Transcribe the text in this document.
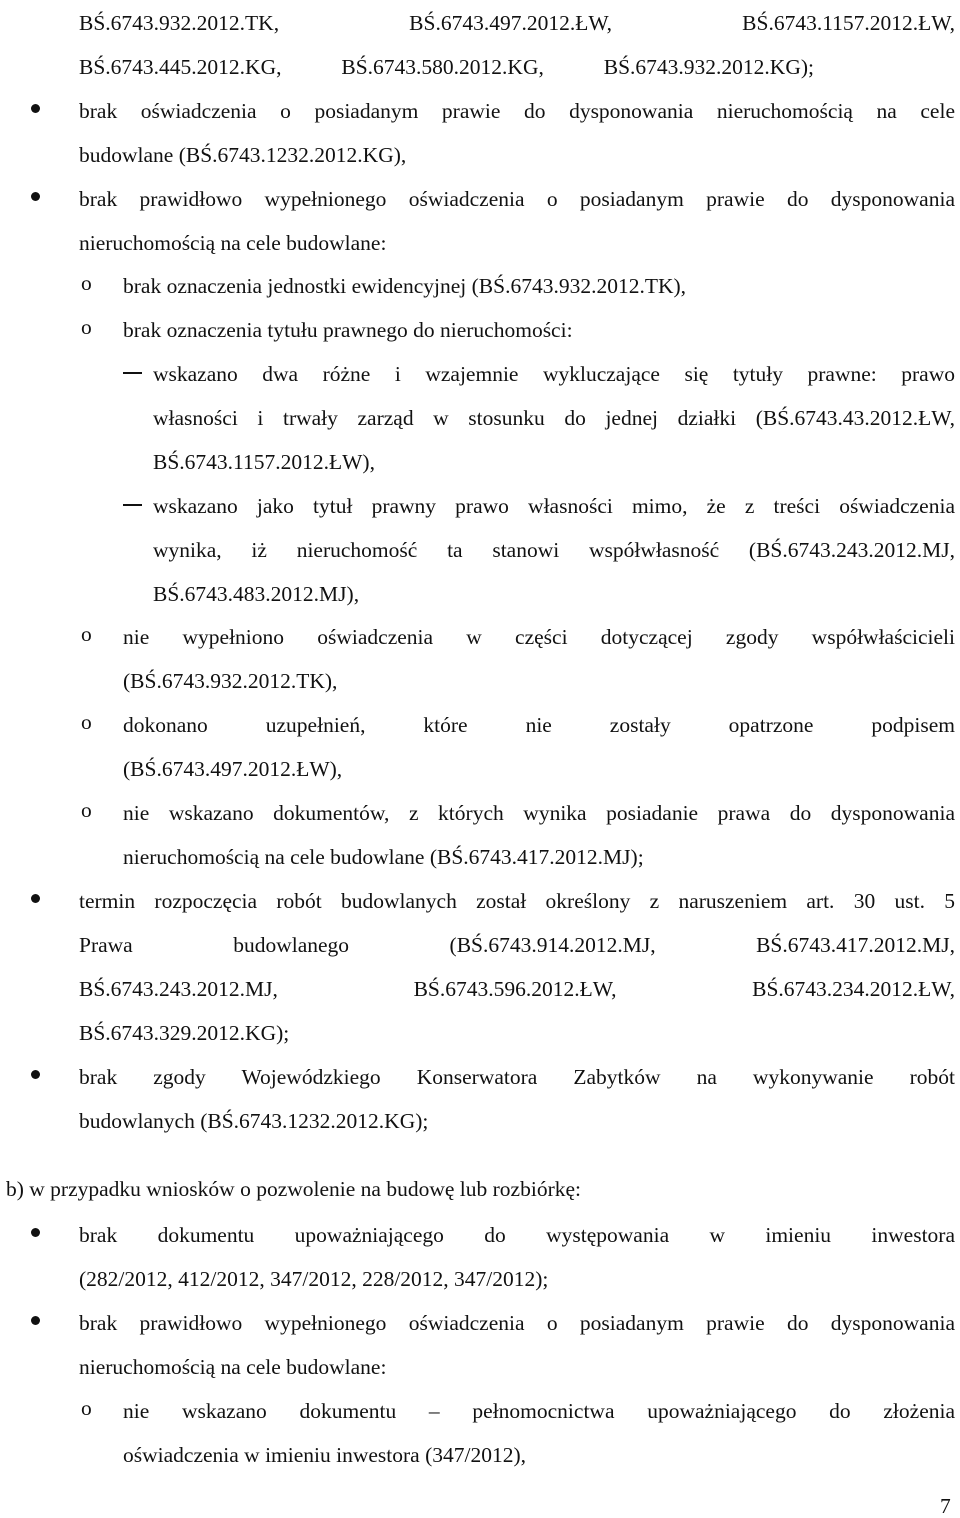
BŚ.6743.932.2012.TK, BŚ.6743.497.2012.ŁW, BŚ.6743.1157.2012.ŁW,
BŚ.6743.445.2012.KG, BŚ.6743.580.2012.KG, BŚ.6743.932.2012.KG);
brak oświadczenia o posiadanym prawie do dysponowania nieruchomością na cele
budowlane (BŚ.6743.1232.2012.KG),
brak prawidłowo wypełnionego oświadczenia o posiadanym prawie do dysponowania
nieruchomością na cele budowlane:
o brak oznaczenia jednostki ewidencyjnej (BŚ.6743.932.2012.TK),
o brak oznaczenia tytułu prawnego do nieruchomości:
wskazano dwa różne i wzajemnie wykluczające się tytuły prawne: prawo
własności i trwały zarząd w stosunku do jednej działki (BŚ.6743.43.2012.ŁW,
BŚ.6743.1157.2012.ŁW),
wskazano jako tytuł prawny prawo własności mimo, że z treści oświadczenia
wynika, iż nieruchomość ta stanowi współwłasność (BŚ.6743.243.2012.MJ,
BŚ.6743.483.2012.MJ),
o nie wypełniono oświadczenia w części dotyczącej zgody współwłaścicieli
(BŚ.6743.932.2012.TK),
o dokonano uzupełnień, które nie zostały opatrzone podpisem
(BŚ.6743.497.2012.ŁW),
o nie wskazano dokumentów, z których wynika posiadanie prawa do dysponowania
nieruchomością na cele budowlane (BŚ.6743.417.2012.MJ);
termin rozpoczęcia robót budowlanych został określony z naruszeniem art. 30 ust. 5
Prawa budowlanego (BŚ.6743.914.2012.MJ, BŚ.6743.417.2012.MJ,
BŚ.6743.243.2012.MJ, BŚ.6743.596.2012.ŁW, BŚ.6743.234.2012.ŁW,
BŚ.6743.329.2012.KG);
brak zgody Wojewódzkiego Konserwatora Zabytków na wykonywanie robót
budowlanych (BŚ.6743.1232.2012.KG);
b) w przypadku wniosków o pozwolenie na budowę lub rozbiórkę:
brak dokumentu upoważniającego do występowania w imieniu inwestora
(282/2012, 412/2012, 347/2012, 228/2012, 347/2012);
brak prawidłowo wypełnionego oświadczenia o posiadanym prawie do dysponowania
nieruchomością na cele budowlane:
o nie wskazano dokumentu – pełnomocnictwa upoważniającego do złożenia
oświadczenia w imieniu inwestora (347/2012),
7
